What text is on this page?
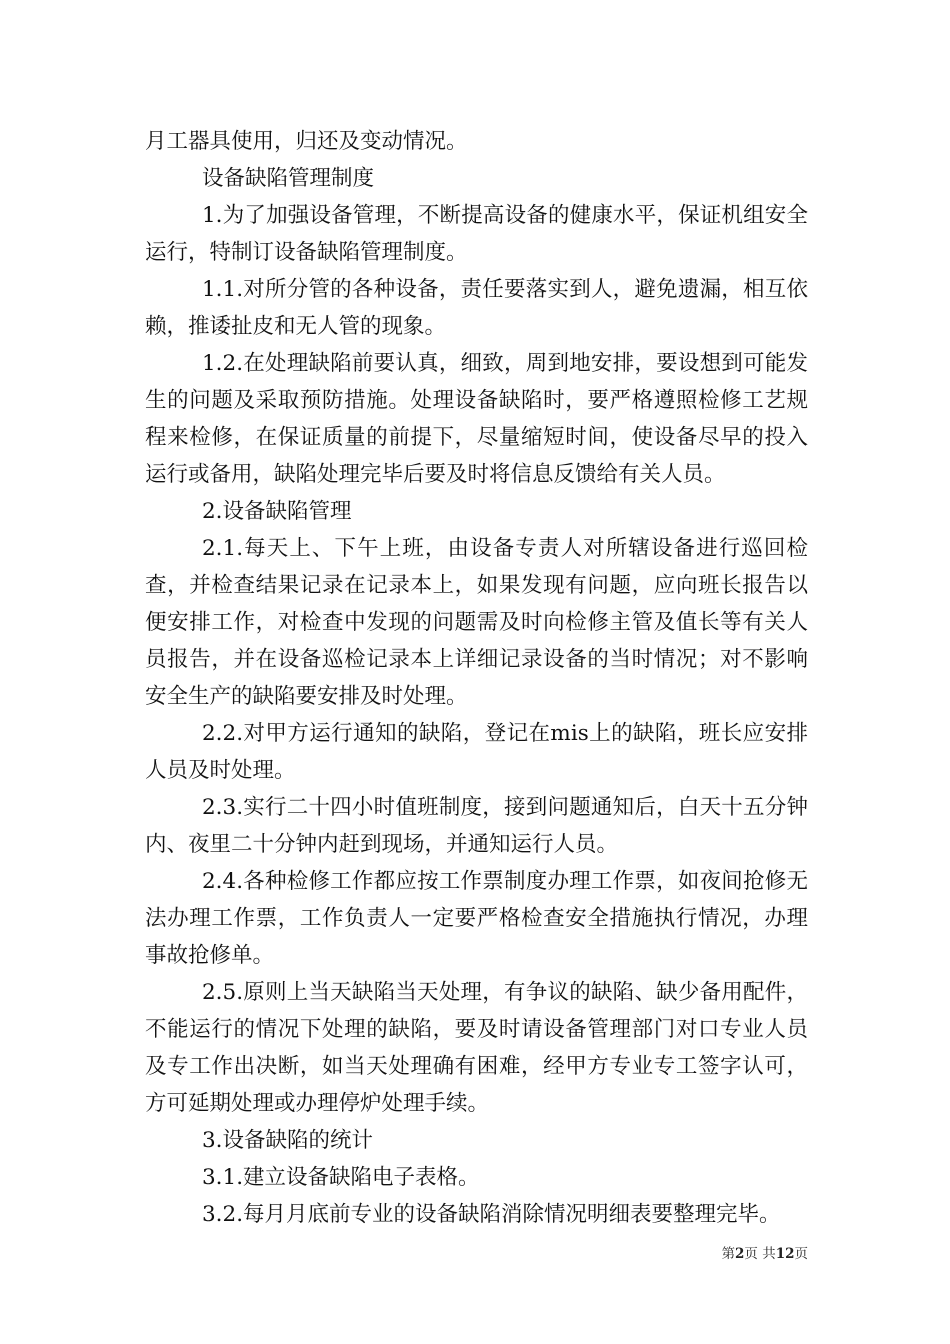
月工器具使用，归还及变动情况。

设备缺陷管理制度

1.为了加强设备管理，不断提高设备的健康水平，保证机组安全运行，特制订设备缺陷管理制度。

1.1.对所分管的各种设备，责任要落实到人，避免遗漏，相互依赖，推诿扯皮和无人管的现象。

1.2.在处理缺陷前要认真，细致，周到地安排，要设想到可能发生的问题及采取预防措施。处理设备缺陷时，要严格遵照检修工艺规程来检修，在保证质量的前提下，尽量缩短时间，使设备尽早的投入运行或备用，缺陷处理完毕后要及时将信息反馈给有关人员。

2.设备缺陷管理

2.1.每天上、下午上班，由设备专责人对所辖设备进行巡回检查，并检查结果记录在记录本上，如果发现有问题，应向班长报告以便安排工作，对检查中发现的问题需及时向检修主管及值长等有关人员报告，并在设备巡检记录本上详细记录设备的当时情况；对不影响安全生产的缺陷要安排及时处理。

2.2.对甲方运行通知的缺陷，登记在mis上的缺陷，班长应安排人员及时处理。

2.3.实行二十四小时值班制度，接到问题通知后，白天十五分钟内、夜里二十分钟内赶到现场，并通知运行人员。

2.4.各种检修工作都应按工作票制度办理工作票，如夜间抢修无法办理工作票，工作负责人一定要严格检查安全措施执行情况，办理事故抢修单。

2.5.原则上当天缺陷当天处理，有争议的缺陷、缺少备用配件，不能运行的情况下处理的缺陷，要及时请设备管理部门对口专业人员及专工作出决断，如当天处理确有困难，经甲方专业专工签字认可，方可延期处理或办理停炉处理手续。

3.设备缺陷的统计

3.1.建立设备缺陷电子表格。

3.2.每月月底前专业的设备缺陷消除情况明细表要整理完毕。

第2页 共12页
